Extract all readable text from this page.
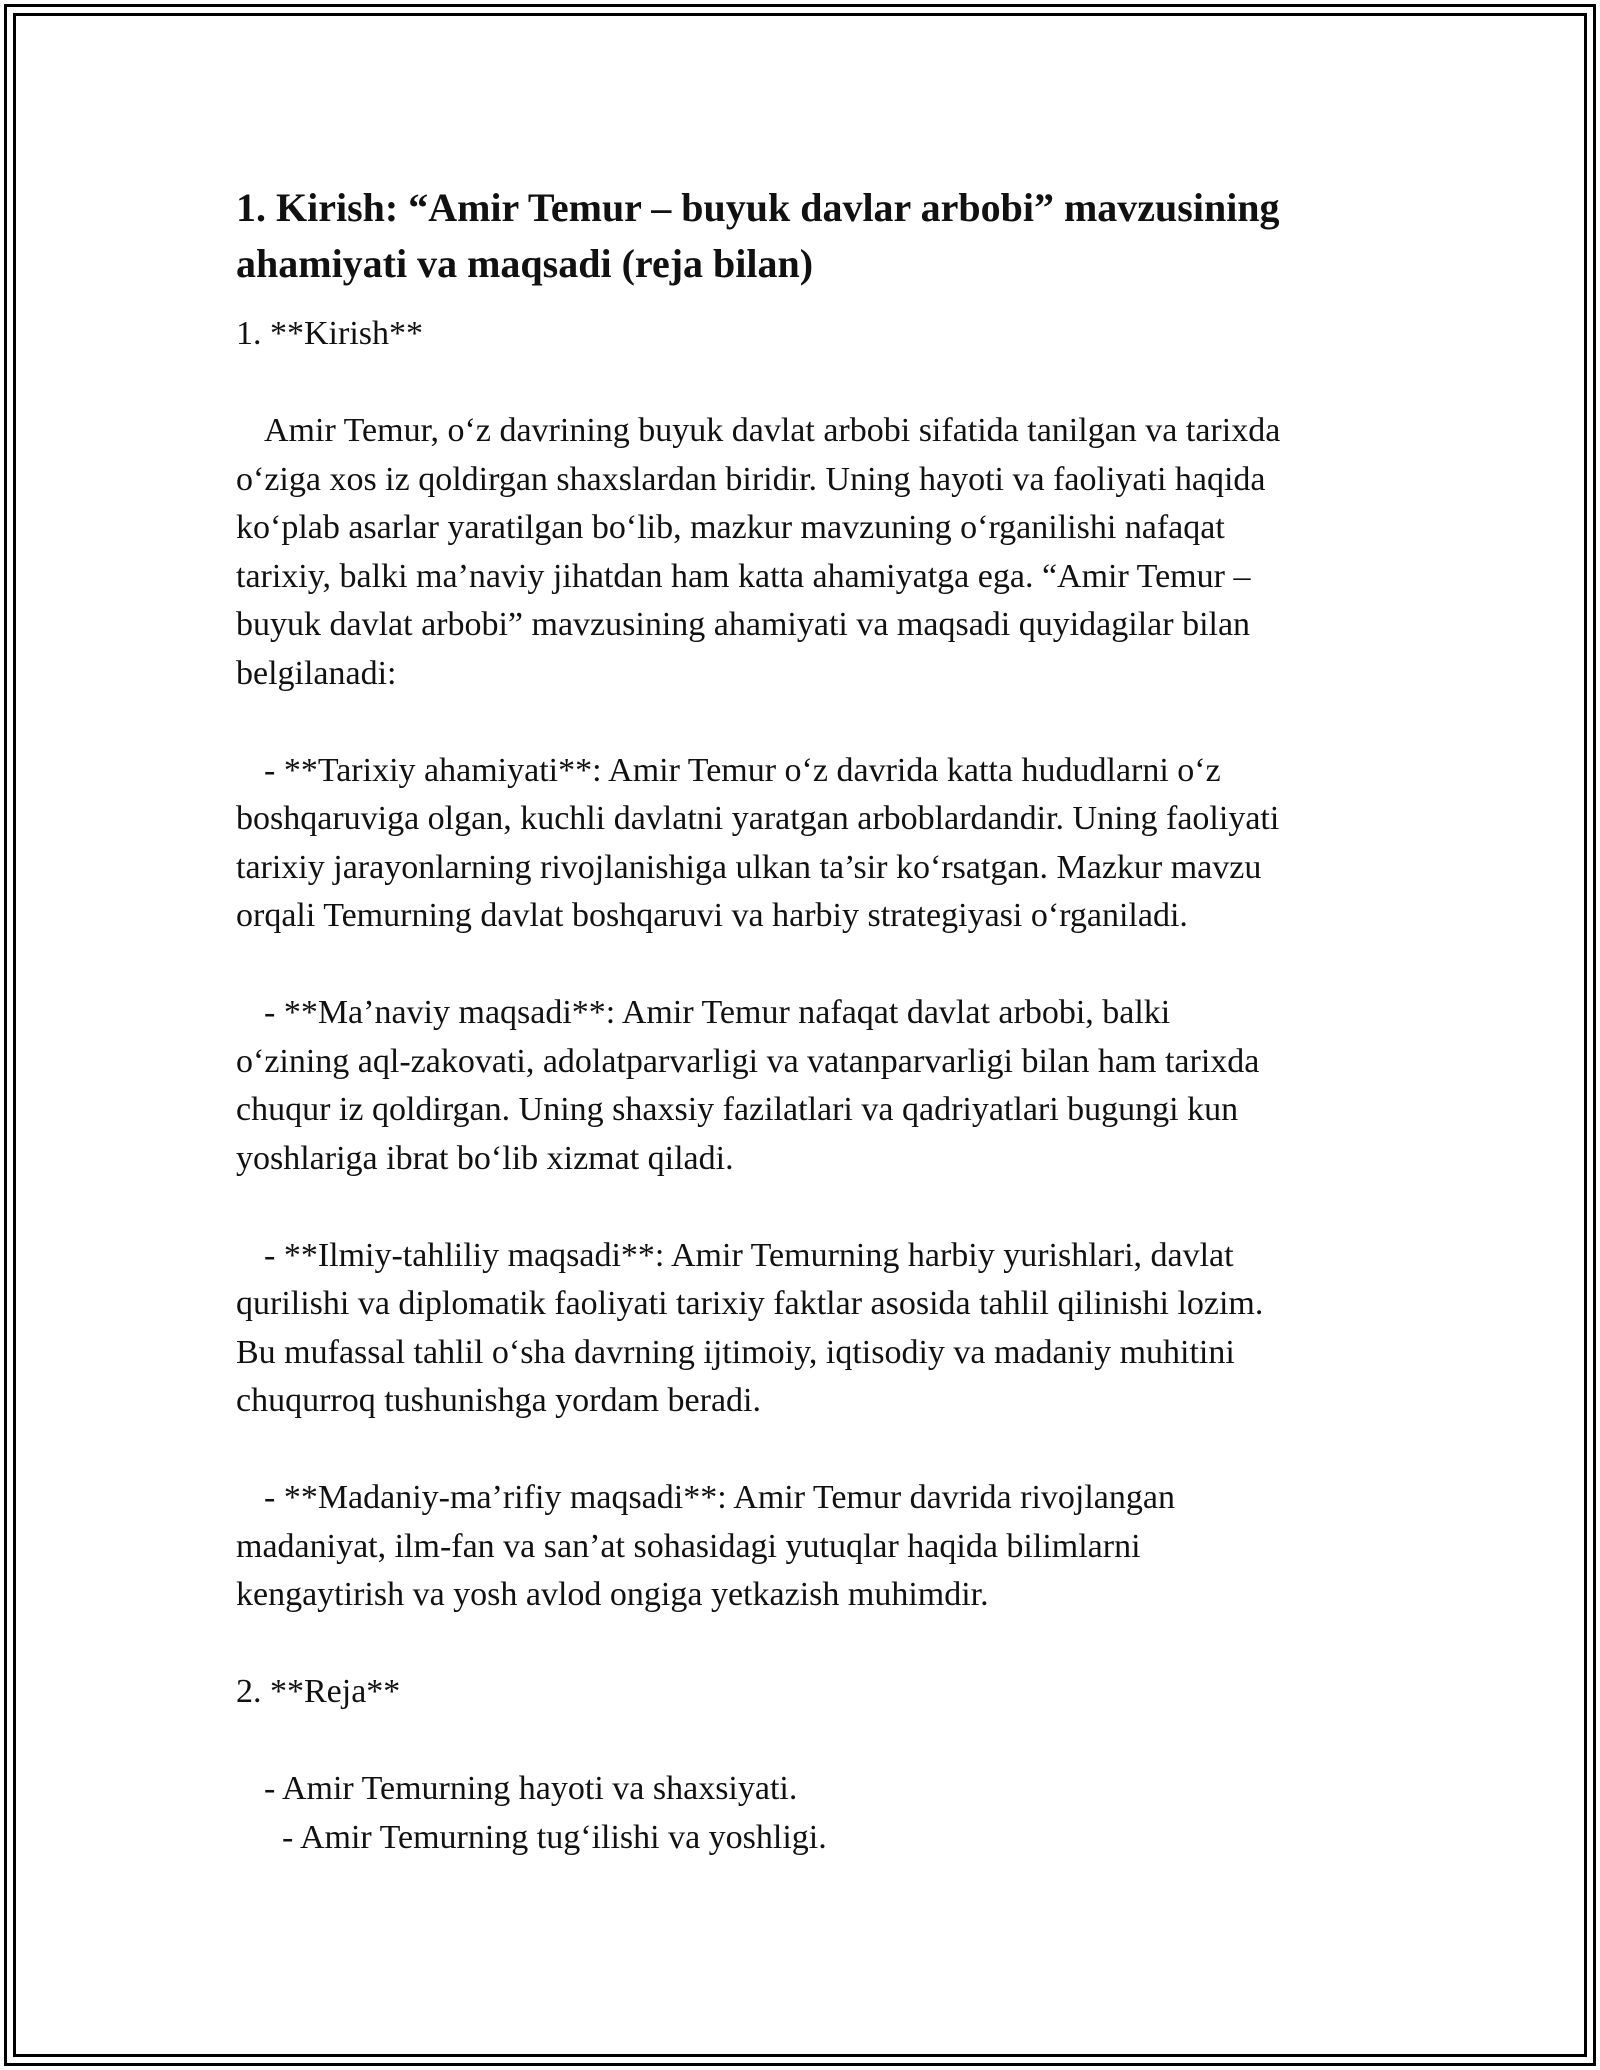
1. Kirish: “Amir Temur – buyuk davlar arbobi” mavzusining
ahamiyati va maqsadi (reja bilan)

1. **Kirish**

Amir Temur, o‘z davrining buyuk davlat arbobi sifatida tanilgan va tarixda

o‘ziga xos iz qoldirgan shaxslardan biridir. Uning hayoti va faoliyati haqida

ko‘plab asarlar yaratilgan bo‘lib, mazkur mavzuning o‘rganilishi nafaqat

tarixiy, balki ma’naviy jihatdan ham katta ahamiyatga ega. “Amir Temur –

buyuk davlat arbobi” mavzusining ahamiyati va maqsadi quyidagilar bilan

belgilanadi:

- **Tarixiy ahamiyati**: Amir Temur o‘z davrida katta hududlarni o‘z

boshqaruviga olgan, kuchli davlatni yaratgan arboblardandir. Uning faoliyati

tarixiy jarayonlarning rivojlanishiga ulkan ta’sir ko‘rsatgan. Mazkur mavzu

orqali Temurning davlat boshqaruvi va harbiy strategiyasi o‘rganiladi.

- **Ma’naviy maqsadi**: Amir Temur nafaqat davlat arbobi, balki

o‘zining aql-zakovati, adolatparvarligi va vatanparvarligi bilan ham tarixda

chuqur iz qoldirgan. Uning shaxsiy fazilatlari va qadriyatlari bugungi kun

yoshlariga ibrat bo‘lib xizmat qiladi.

- **Ilmiy-tahliliy maqsadi**: Amir Temurning harbiy yurishlari, davlat

qurilishi va diplomatik faoliyati tarixiy faktlar asosida tahlil qilinishi lozim.

Bu mufassal tahlil o‘sha davrning ijtimoiy, iqtisodiy va madaniy muhitini

chuqurroq tushunishga yordam beradi.

- **Madaniy-ma’rifiy maqsadi**: Amir Temur davrida rivojlangan

madaniyat, ilm-fan va san’at sohasidagi yutuqlar haqida bilimlarni

kengaytirish va yosh avlod ongiga yetkazish muhimdir.

2. **Reja**

- Amir Temurning hayoti va shaxsiyati.

- Amir Temurning tug‘ilishi va yoshligi.
